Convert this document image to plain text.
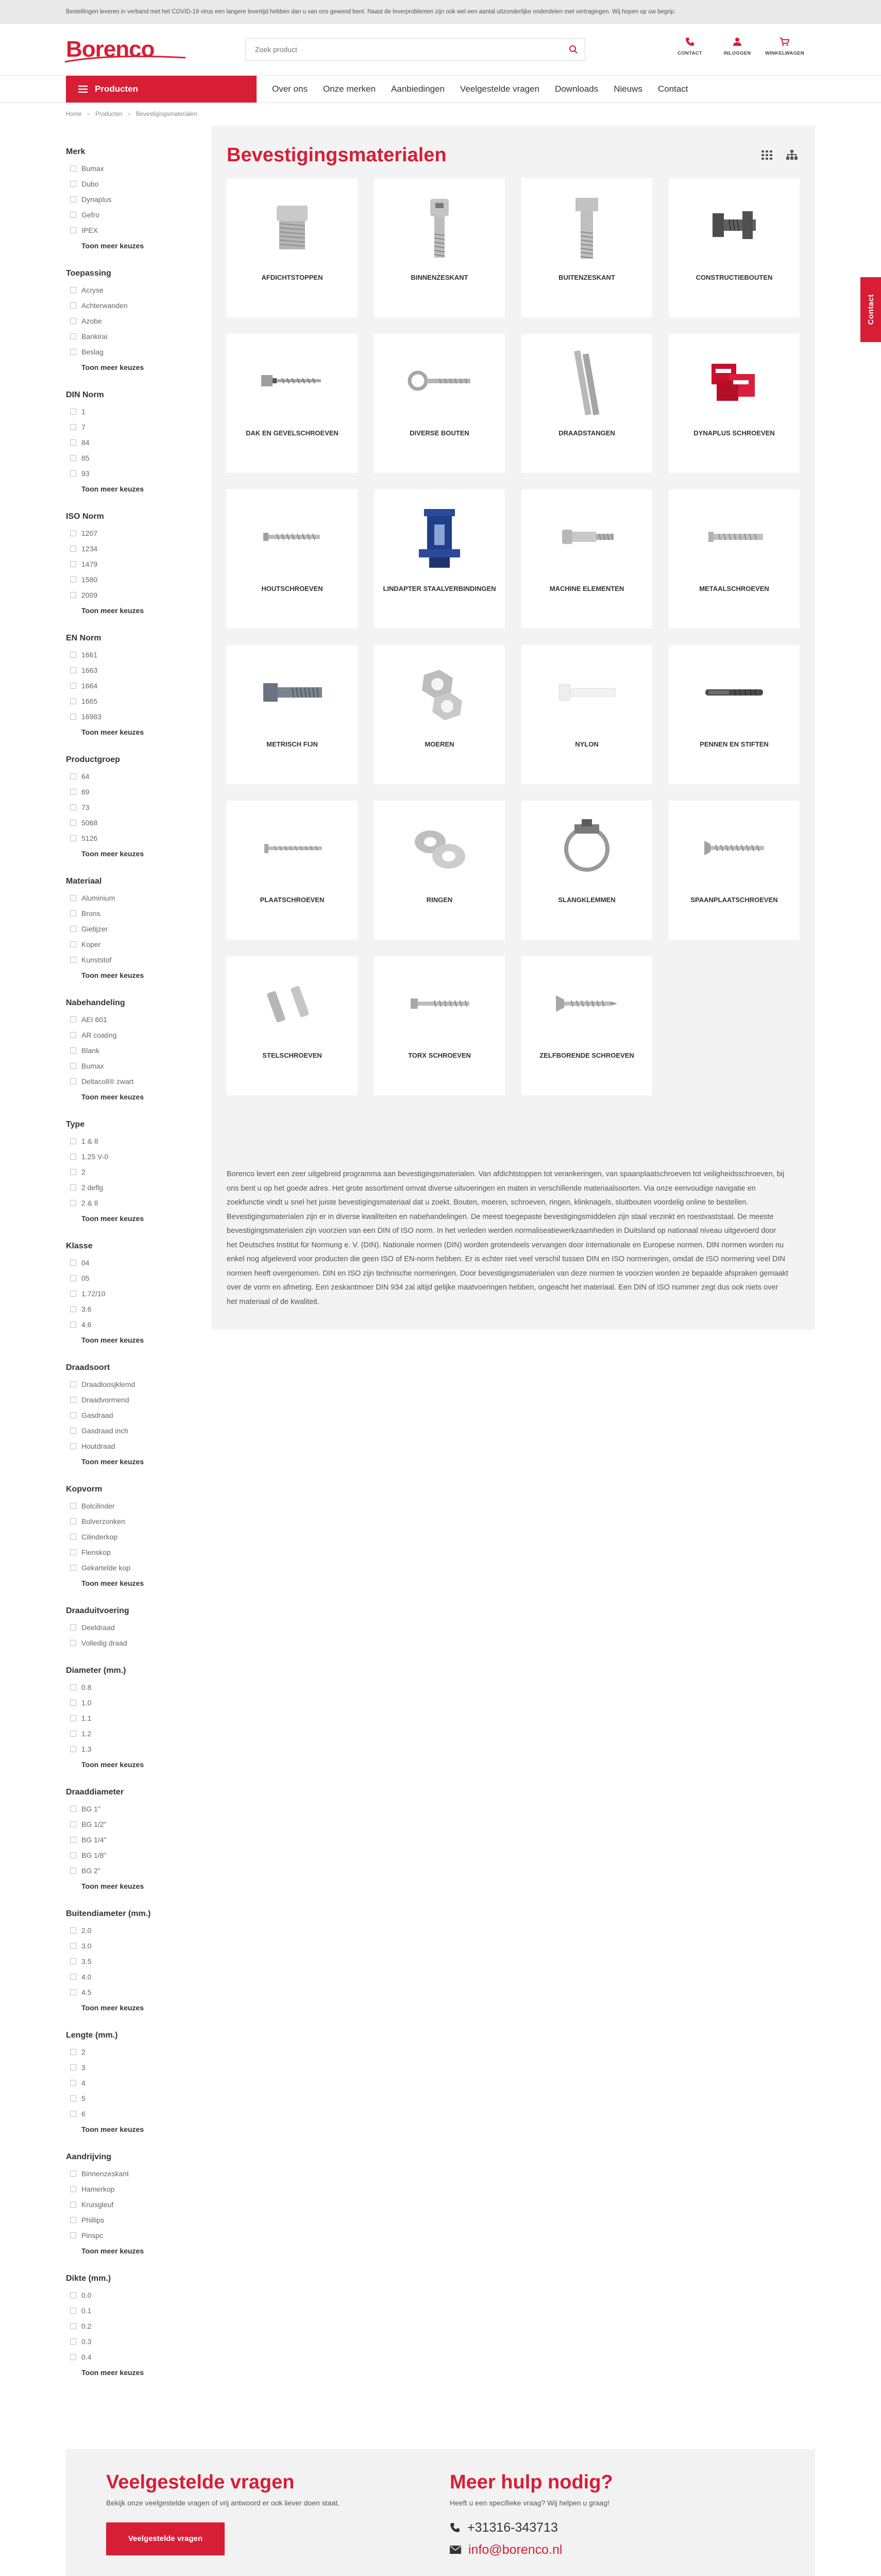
Bestellingen leveren in verband met het COVID-19 virus een langere levertijd hebben dan u van ons gewend bent. Naast de leverproblemen zijn ook wel een aantal uitzonderlijke onderdelen met vertragingen. Wij hopen op uw begrip.
Borenco
Zoek product	CONTACT	INLOGGEN	WINKELWAGEN
Producten	Over ons Onze merken Aanbiedingen Veelgestelde vragen Downloads Nieuws Contact
Home » Producten » Bevestigingsmaterialen
Merk
Bumax
Dubo
Dynaplus
Gefro
IPEX
Toon meer keuzes
Toepassing
Acryse
Achterwanden
Azobe
Bankirai
Beslag
Toon meer keuzes
DIN Norm
1
7
84
85
93
Toon meer keuzes
ISO Norm
1207
1234
1479
1580
2009
Toon meer keuzes
EN Norm
1661
1663
1664
1665
16983
Toon meer keuzes
Productgroep
64
69
73
5068
5126
Toon meer keuzes
Materiaal
Aluminium
Brons
Gietijzer
Koper
Kunststof
Toon meer keuzes
Nabehandeling
AEI 601
AR coating
Blank
Bumax
Deltacoll® zwart
Toon meer keuzes
Type
1 & 8
1.25 V-0
2
2 deflg
2 & 8
Toon meer keuzes
Klasse
04
05
1.72/10
3.6
4.6
Toon meer keuzes
Draadsoort
Draadloosjklemd
Draadvormend
Gasdraad
Gasdraad inch
Houtdraad
Toon meer keuzes
Kopvorm
Bolcilinder
Bolverzonken
Cilinderkop
Flenskop
Gekartelde kop
Toon meer keuzes
Draaduitvoering
Deeldraad
Volledig draad
Diameter (mm.)
0.8
1.0
1.1
1.2
1.3
Toon meer keuzes
Draaddiameter
BG 1"
BG 1/2"
BG 1/4"
BG 1/8"
BG 2"
Toon meer keuzes
Buitendiameter (mm.)
2.0
3.0
3.5
4.0
4.5
Toon meer keuzes
Lengte (mm.)
2
3
4
5
6
Toon meer keuzes
Aandrijving
Binnenzeskant
Hamerkop
Kruisgleuf
Phillips
Pinspc
Toon meer keuzes
Dikte (mm.)
0.0
0.1
0.2
0.3
0.4
Toon meer keuzes
Bevestigingsmaterialen
AFDICHTSTOPPEN	BINNENZESKANT	BUITENZESKANT	CONSTRUCTIEBOUTEN
DAK EN GEVELSCHROEVEN	DIVERSE BOUTEN	DRAADSTANGEN	DYNAPLUS SCHROEVEN
HOUTSCHROEVEN	LINDAPTER STAALVERBINDINGEN	MACHINE ELEMENTEN	METAALSCHROEVEN
METRISCH FIJN	MOEREN	NYLON	PENNEN EN STIFTEN
PLAATSCHROEVEN	RINGEN	SLANGKLEMMEN	SPAANPLAATSCHROEVEN
STELSCHROEVEN	TORX SCHROEVEN	ZELFBORENDE SCHROEVEN

Borenco levert een zeer uitgebreid programma aan bevestigingsmaterialen. Van afdichtstoppen tot verankeringen, van spaanplaatschroeven tot veiligheidsschroeven, bij ons bent u op het goede adres. Het grote assortiment omvat diverse uitvoeringen en maten in verschillende materiaalsoorten. Via onze eenvoudige navigatie en zoekfunctie vindt u snel het juiste bevestigingsmateriaal dat u zoekt. Bouten, moeren, schroeven, ringen, klinknagels, sluitbouten voordelig online te bestellen. Bevestigingsmaterialen zijn er in diverse kwaliteiten en nabehandelingen. De meest toegepaste bevestigingsmiddelen zijn staal verzinkt en roestvaststaal. De meeste bevestigingsmaterialen zijn voorzien van een DIN of ISO norm. In het verleden werden normaliseatiewerkzaamheden in Duitsland op nationaal niveau uitgevoerd door het Deutsches Institut für Normung e. V. (DIN). Nationale normen (DIN) worden grotendeels vervangen door internationale en Europese normen. DIN normen worden nu enkel nog afgeleverd voor producten die geen ISO of EN-norm hebben. Er is echter niet veel verschil tussen DIN en ISO normeringen, omdat de ISO normering veel DIN normen heeft overgenomen. DIN en ISO zijn technische normeringen. Door bevestigingsmaterialen van deze normen te voorzien worden ze bepaalde afspraken gemaakt over de vorm en afmeting. Een zeskantmoer DIN 934 zal altijd gelijke maatvoeringen hebben, ongeacht het materiaal. Een DIN of ISO nummer zegt dus ook niets over het materiaal of de kwaliteit.

Veelgestelde vragen

Bekijk onze veelgestelde vragen of vrij antwoord er ook liever doen staat.

Veelgestelde vragen
Meer hulp nodig?

Heeft u een specifieke vraag? Wij helpen u graag!

+31316-343713
info@borenco.nl
Contact
